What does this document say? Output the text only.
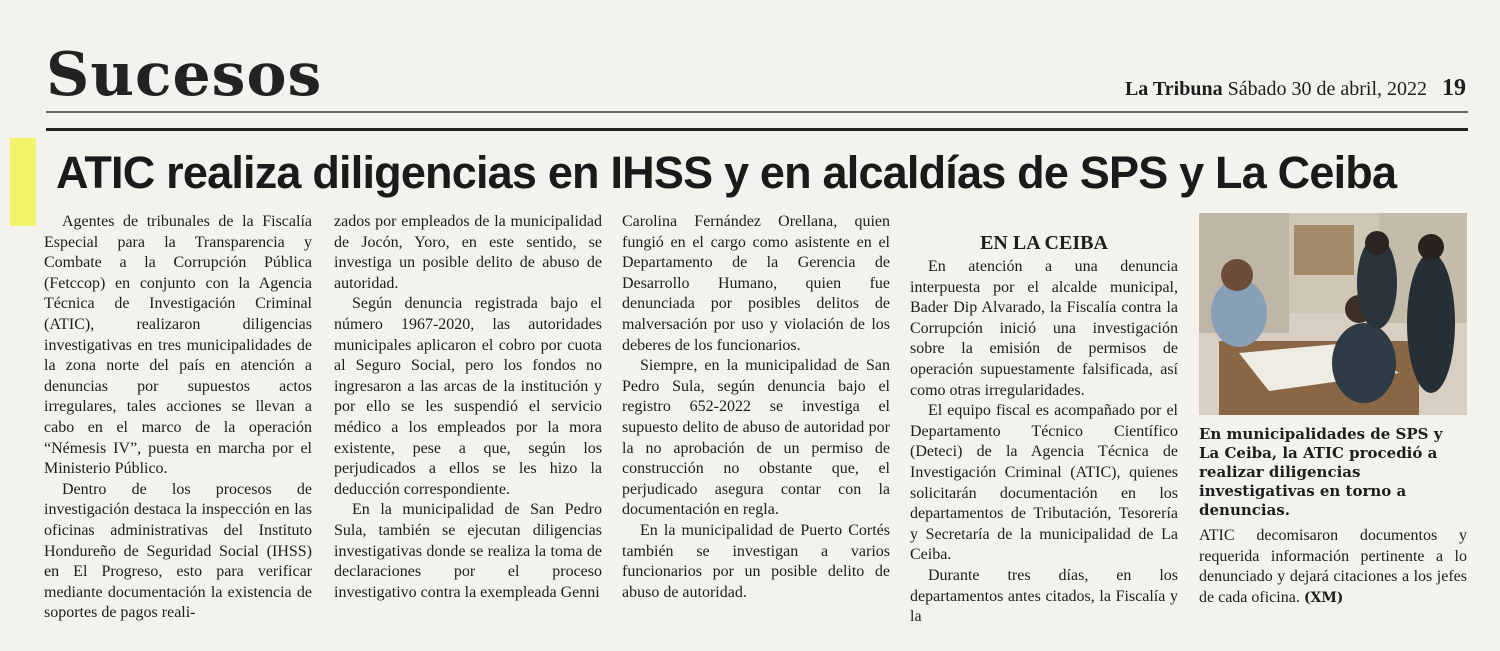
Sucesos	La Tribuna Sábado 30 de abril, 2022 19
ATIC realiza diligencias en IHSS y en alcaldías de SPS y La Ceiba

Agentes de tribunales de la Fiscalía Especial para la Transparencia y Combate a la Corrupción Pública (Fetccop) en conjunto con la Agencia Técnica de Investigación Criminal (ATIC), realizaron diligencias investigativas en tres municipalidades de la zona norte del país en atención a denuncias por supuestos actos irregulares, tales acciones se llevan a cabo en el marco de la operación “Némesis IV”, puesta en marcha por el Ministerio Público.

Dentro de los procesos de investigación destaca la inspección en las oficinas administrativas del Instituto Hondureño de Seguridad Social (IHSS) en El Progreso, esto para verificar mediante documentación la existencia de soportes de pagos reali-

zados por empleados de la municipalidad de Jocón, Yoro, en este sentido, se investiga un posible delito de abuso de autoridad.

Según denuncia registrada bajo el número 1967-2020, las autoridades municipales aplicaron el cobro por cuota al Seguro Social, pero los fondos no ingresaron a las arcas de la institución y por ello se les suspendió el servicio médico a los empleados por la mora existente, pese a que, según los perjudicados a ellos se les hizo la deducción correspondiente.

En la municipalidad de San Pedro Sula, también se ejecutan diligencias investigativas donde se realiza la toma de declaraciones por el proceso investigativo contra la exempleada Genni

Carolina Fernández Orellana, quien fungió en el cargo como asistente en el Departamento de la Gerencia de Desarrollo Humano, quien fue denunciada por posibles delitos de malversación por uso y violación de los deberes de los funcionarios.

Siempre, en la municipalidad de San Pedro Sula, según denuncia bajo el registro 652-2022 se investiga el supuesto delito de abuso de autoridad por la no aprobación de un permiso de construcción no obstante que, el perjudicado asegura contar con la documentación en regla.

En la municipalidad de Puerto Cortés también se investigan a varios funcionarios por un posible delito de abuso de autoridad.

EN LA CEIBA

En atención a una denuncia interpuesta por el alcalde municipal, Bader Dip Alvarado, la Fiscalía contra la Corrupción inició una investigación sobre la emisión de permisos de operación supuestamente falsificada, así como otras irregularidades.

El equipo fiscal es acompañado por el Departamento Técnico Científico (Deteci) de la Agencia Técnica de Investigación Criminal (ATIC), quienes solicitarán documentación en los departamentos de Tributación, Tesorería y Secretaría de la municipalidad de La Ceiba.

Durante tres días, en los departamentos antes citados, la Fiscalía y la

En municipalidades de SPS y La Ceiba, la ATIC procedió a realizar diligencias investigativas en torno a denuncias.
ATIC decomisaron documentos y requerida información pertinente a lo denunciado y dejará citaciones a los jefes de cada oficina. (XM)
